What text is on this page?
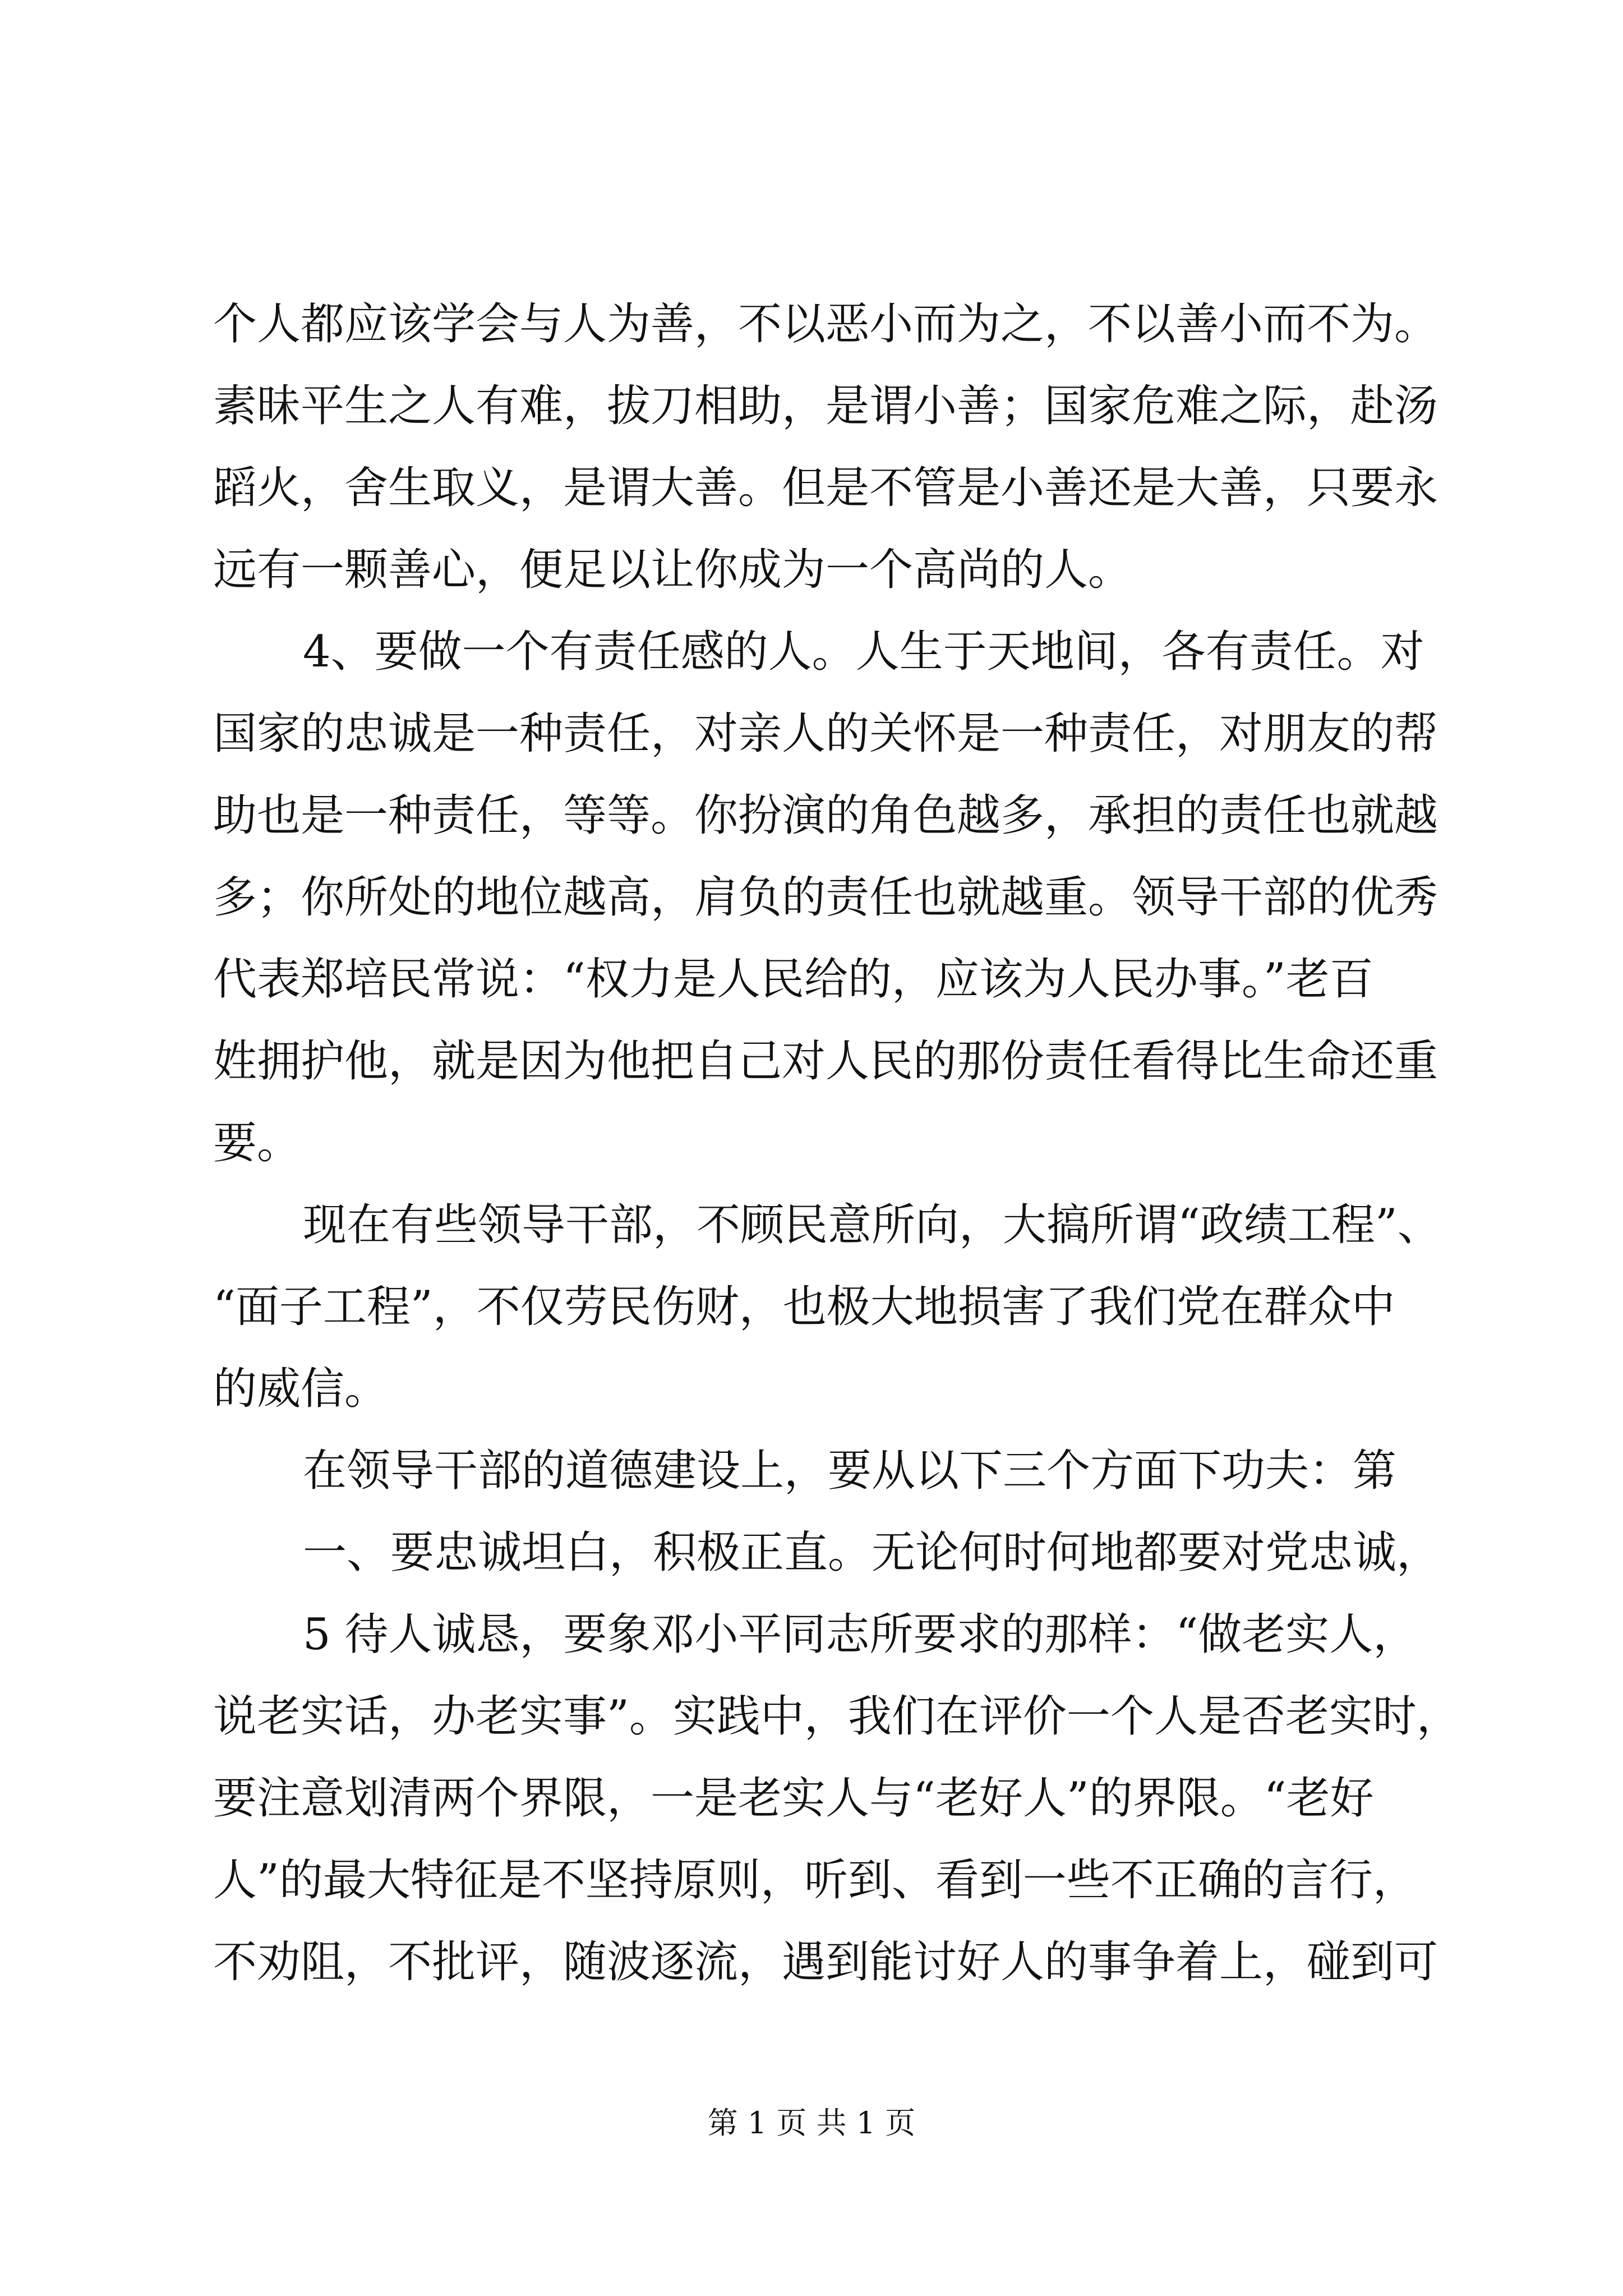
个人都应该学会与人为善，不以恶小而为之，不以善小而不为。
素昧平生之人有难，拔刀相助，是谓小善；国家危难之际，赴汤
蹈火，舍生取义，是谓大善。但是不管是小善还是大善，只要永
远有一颗善心，便足以让你成为一个高尚的人。
4、要做一个有责任感的人。人生于天地间，各有责任。对
国家的忠诚是一种责任，对亲人的关怀是一种责任，对朋友的帮
助也是一种责任，等等。你扮演的角色越多，承担的责任也就越
多；你所处的地位越高，肩负的责任也就越重。领导干部的优秀
代表郑培民常说：“权力是人民给的，应该为人民办事。”老百
姓拥护他，就是因为他把自己对人民的那份责任看得比生命还重
要。
现在有些领导干部，不顾民意所向，大搞所谓“政绩工程”、
“面子工程”，不仅劳民伤财，也极大地损害了我们党在群众中
的威信。
在领导干部的道德建设上，要从以下三个方面下功夫：第
一、要忠诚坦白，积极正直。无论何时何地都要对党忠诚，
5 待人诚恳，要象邓小平同志所要求的那样：“做老实人，
说老实话，办老实事”。实践中，我们在评价一个人是否老实时，
要注意划清两个界限，一是老实人与“老好人”的界限。“老好
人”的最大特征是不坚持原则，听到、看到一些不正确的言行，
不劝阻，不批评，随波逐流，遇到能讨好人的事争着上，碰到可
第 1 页 共 1 页
